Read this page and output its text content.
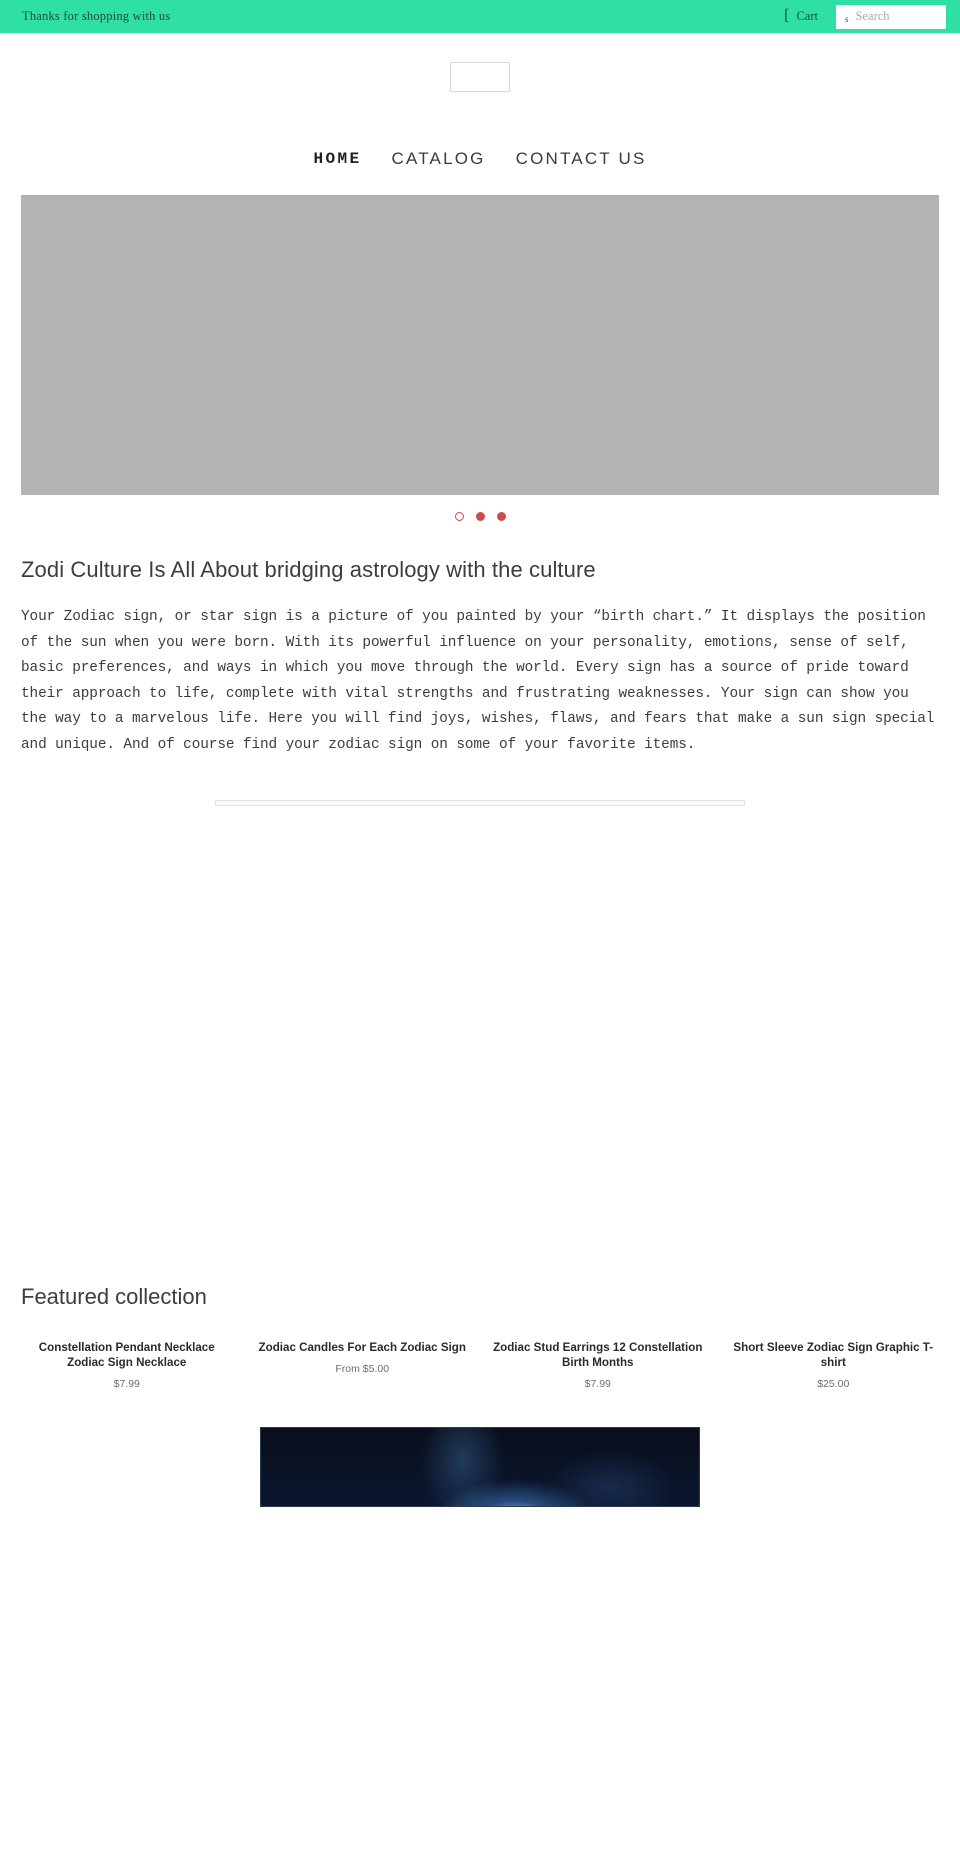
Thanks for shopping with us	[ Cart	s
Search
HOME CATALOG CONTACT US
Zodi Culture Is All About bridging astrology with the culture

Your Zodiac sign, or star sign is a picture of you painted by your “birth chart.” It displays the position of the sun when you were born. With its powerful influence on your personality, emotions, sense of self, basic preferences, and ways in which you move through the world. Every sign has a source of pride toward their approach to life, complete with vital strengths and frustrating weaknesses. Your sign can show you the way to a marvelous life. Here you will find joys, wishes, flaws, and fears that make a sun sign special and unique. And of course find your zodiac sign on some of your favorite items.

Featured collection
Constellation Pendant Necklace Zodiac Sign Necklace
$7.99
Zodiac Candles For Each Zodiac Sign
From $5.00
Zodiac Stud Earrings 12 Constellation Birth Months
$7.99
Short Sleeve Zodiac Sign Graphic T-shirt
$25.00
